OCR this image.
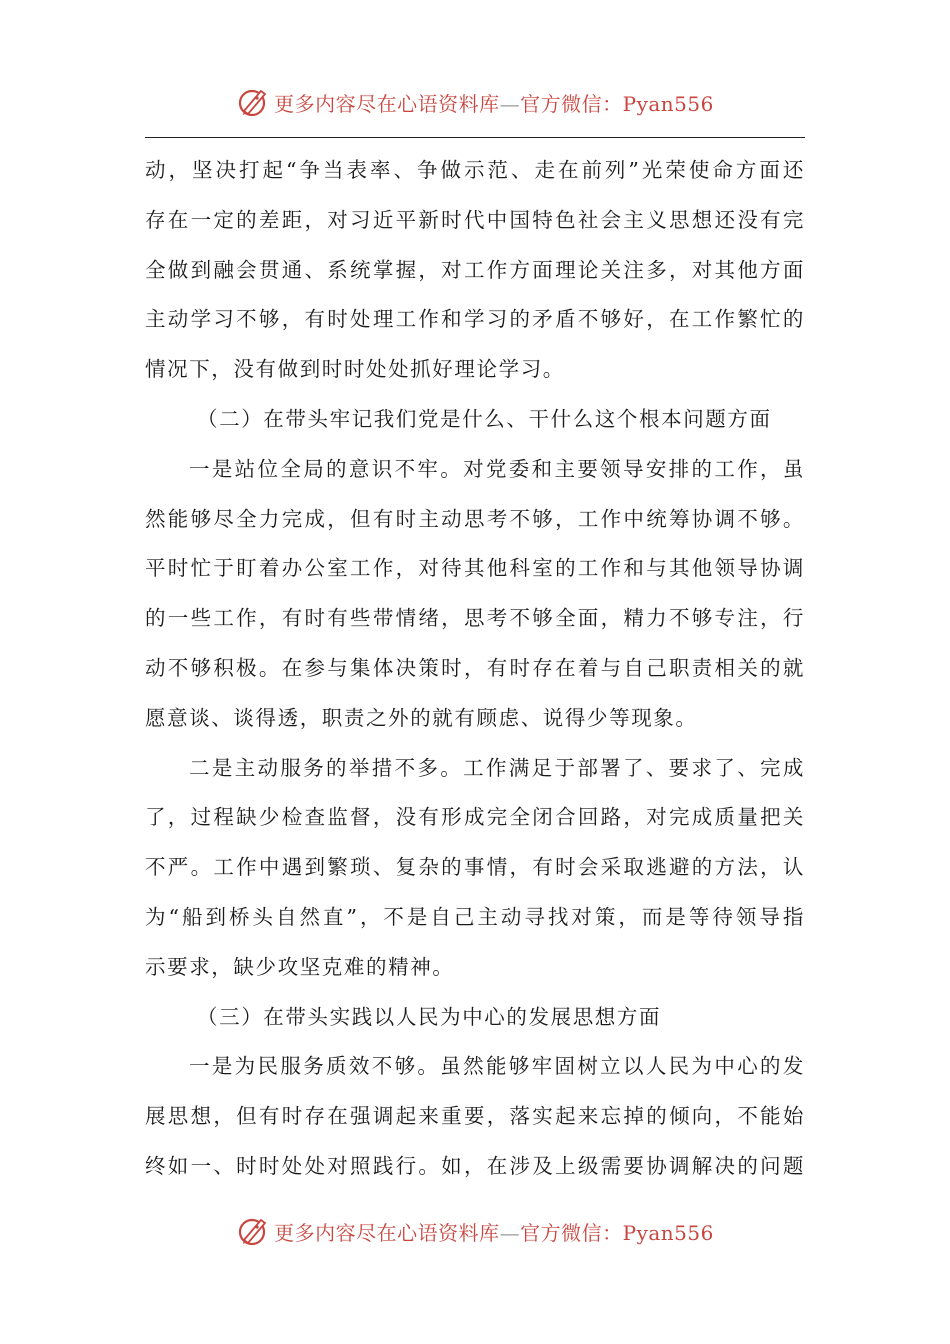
更多内容尽在心语资料库—官方微信：Pyan556
动，坚决打起“争当表率、争做示范、走在前列”光荣使命方面还
存在一定的差距，对习近平新时代中国特色社会主义思想还没有完
全做到融会贯通、系统掌握，对工作方面理论关注多，对其他方面
主动学习不够，有时处理工作和学习的矛盾不够好，在工作繁忙的
情况下，没有做到时时处处抓好理论学习。
（二）在带头牢记我们党是什么、干什么这个根本问题方面
一是站位全局的意识不牢。对党委和主要领导安排的工作，虽
然能够尽全力完成，但有时主动思考不够，工作中统筹协调不够。
平时忙于盯着办公室工作，对待其他科室的工作和与其他领导协调
的一些工作，有时有些带情绪，思考不够全面，精力不够专注，行
动不够积极。在参与集体决策时，有时存在着与自己职责相关的就
愿意谈、谈得透，职责之外的就有顾虑、说得少等现象。
二是主动服务的举措不多。工作满足于部署了、要求了、完成
了，过程缺少检查监督，没有形成完全闭合回路，对完成质量把关
不严。工作中遇到繁琐、复杂的事情，有时会采取逃避的方法，认
为“船到桥头自然直”，不是自己主动寻找对策，而是等待领导指
示要求，缺少攻坚克难的精神。
（三）在带头实践以人民为中心的发展思想方面
一是为民服务质效不够。虽然能够牢固树立以人民为中心的发
展思想，但有时存在强调起来重要，落实起来忘掉的倾向，不能始
终如一、时时处处对照践行。如，在涉及上级需要协调解决的问题
更多内容尽在心语资料库—官方微信：Pyan556
